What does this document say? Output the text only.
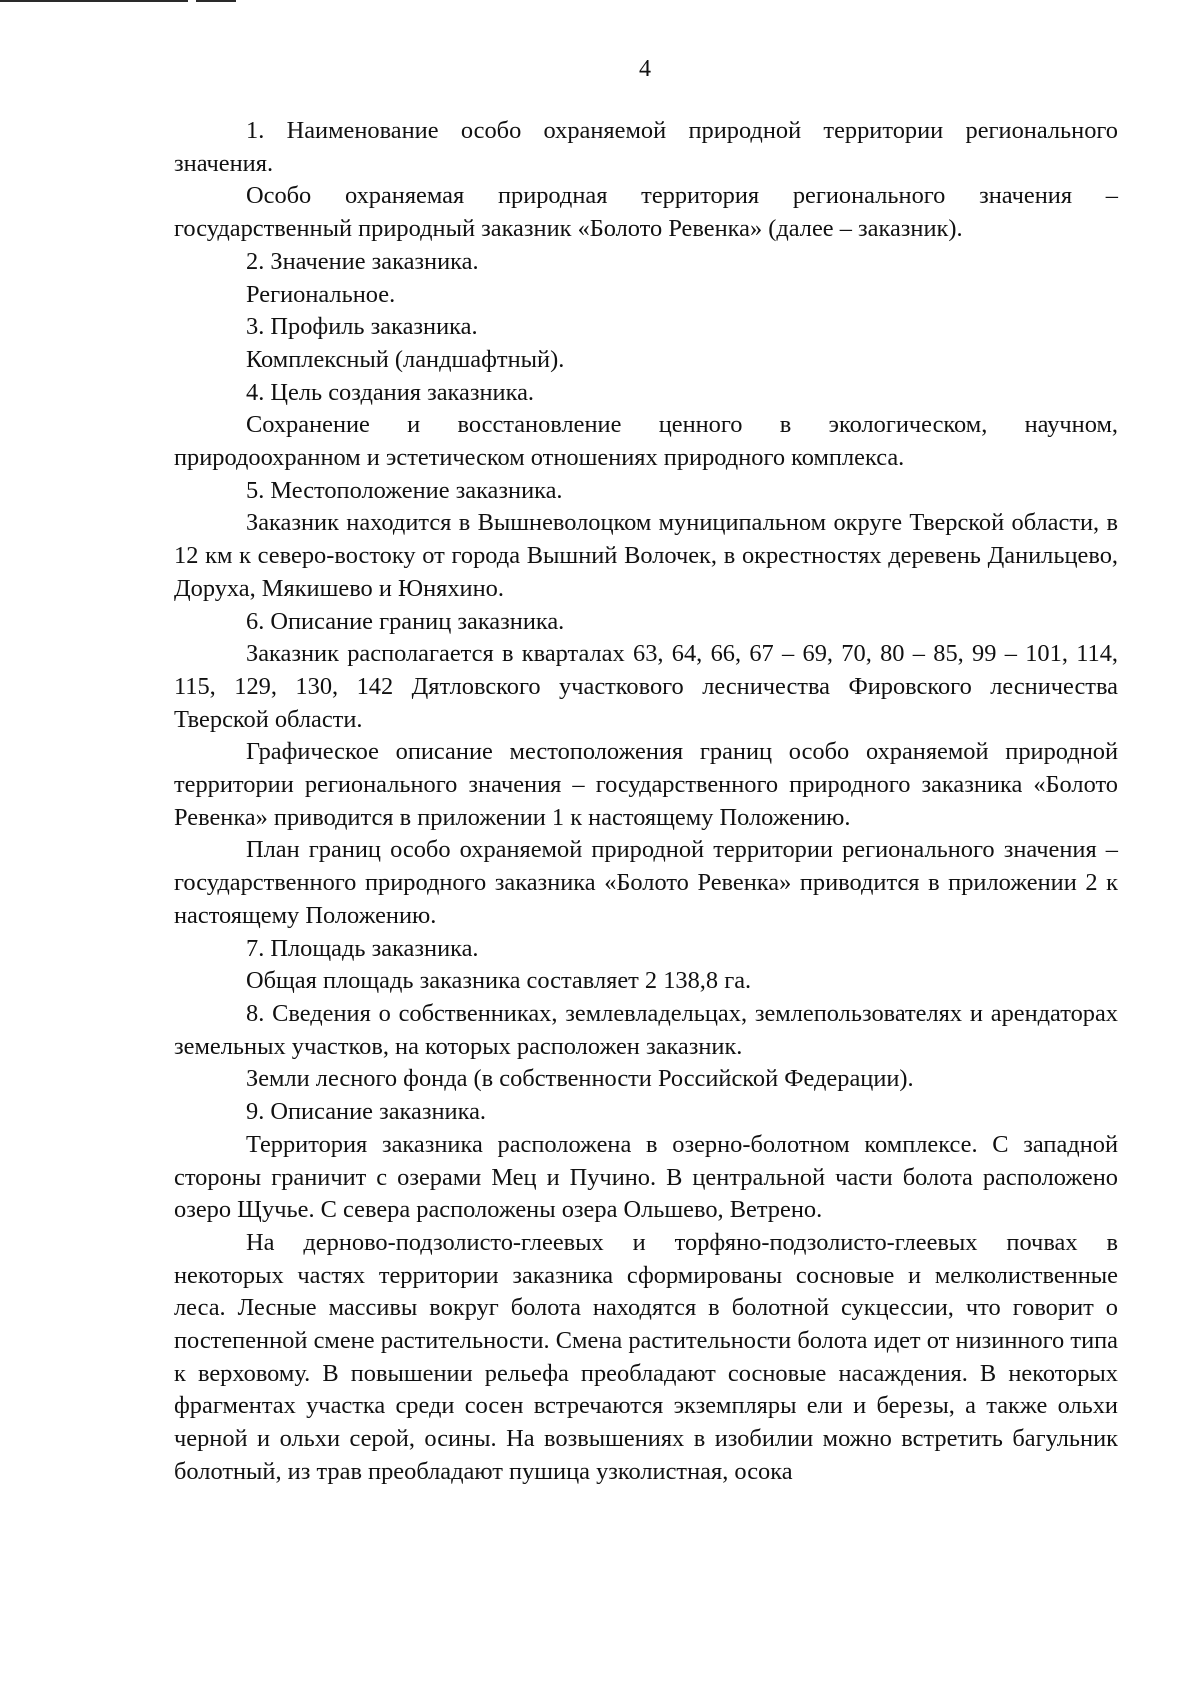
4

1. Наименование особо охраняемой природной территории регионального значения.

Особо охраняемая природная территория регионального значения – государственный природный заказник «Болото Ревенка» (далее – заказник).

2. Значение заказника.

Региональное.

3. Профиль заказника.

Комплексный (ландшафтный).

4. Цель создания заказника.

Сохранение и восстановление ценного в экологическом, научном, природоохранном и эстетическом отношениях природного комплекса.

5. Местоположение заказника.

Заказник находится в Вышневолоцком муниципальном округе Тверской области, в 12 км к северо-востоку от города Вышний Волочек, в окрестностях деревень Данильцево, Доруха, Мякишево и Юняхино.

6. Описание границ заказника.

Заказник располагается в кварталах 63, 64, 66, 67 – 69, 70, 80 – 85, 99 – 101, 114, 115, 129, 130, 142 Дятловского участкового лесничества Фировского лесничества Тверской области.

Графическое описание местоположения границ особо охраняемой природной территории регионального значения – государственного природного заказника «Болото Ревенка» приводится в приложении 1 к настоящему Положению.

План границ особо охраняемой природной территории регионального значения – государственного природного заказника «Болото Ревенка» приводится в приложении 2 к настоящему Положению.

7. Площадь заказника.

Общая площадь заказника составляет 2 138,8 га.

8. Сведения о собственниках, землевладельцах, землепользователях и арендаторах земельных участков, на которых расположен заказник.

Земли лесного фонда (в собственности Российской Федерации).

9. Описание заказника.

Территория заказника расположена в озерно-болотном комплексе. С западной стороны граничит с озерами Мец и Пучино. В центральной части болота расположено озеро Щучье. С севера расположены озера Ольшево, Ветрено.

На дерново-подзолисто-глеевых и торфяно-подзолисто-глеевых почвах в некоторых частях территории заказника сформированы сосновые и мелколиственные леса. Лесные массивы вокруг болота находятся в болотной сукцессии, что говорит о постепенной смене растительности. Смена растительности болота идет от низинного типа к верховому. В повышении рельефа преобладают сосновые насаждения. В некоторых фрагментах участка среди сосен встречаются экземпляры ели и березы, а также ольхи черной и ольхи серой, осины. На возвышениях в изобилии можно встретить багульник болотный, из трав преобладают пушица узколистная, осока
